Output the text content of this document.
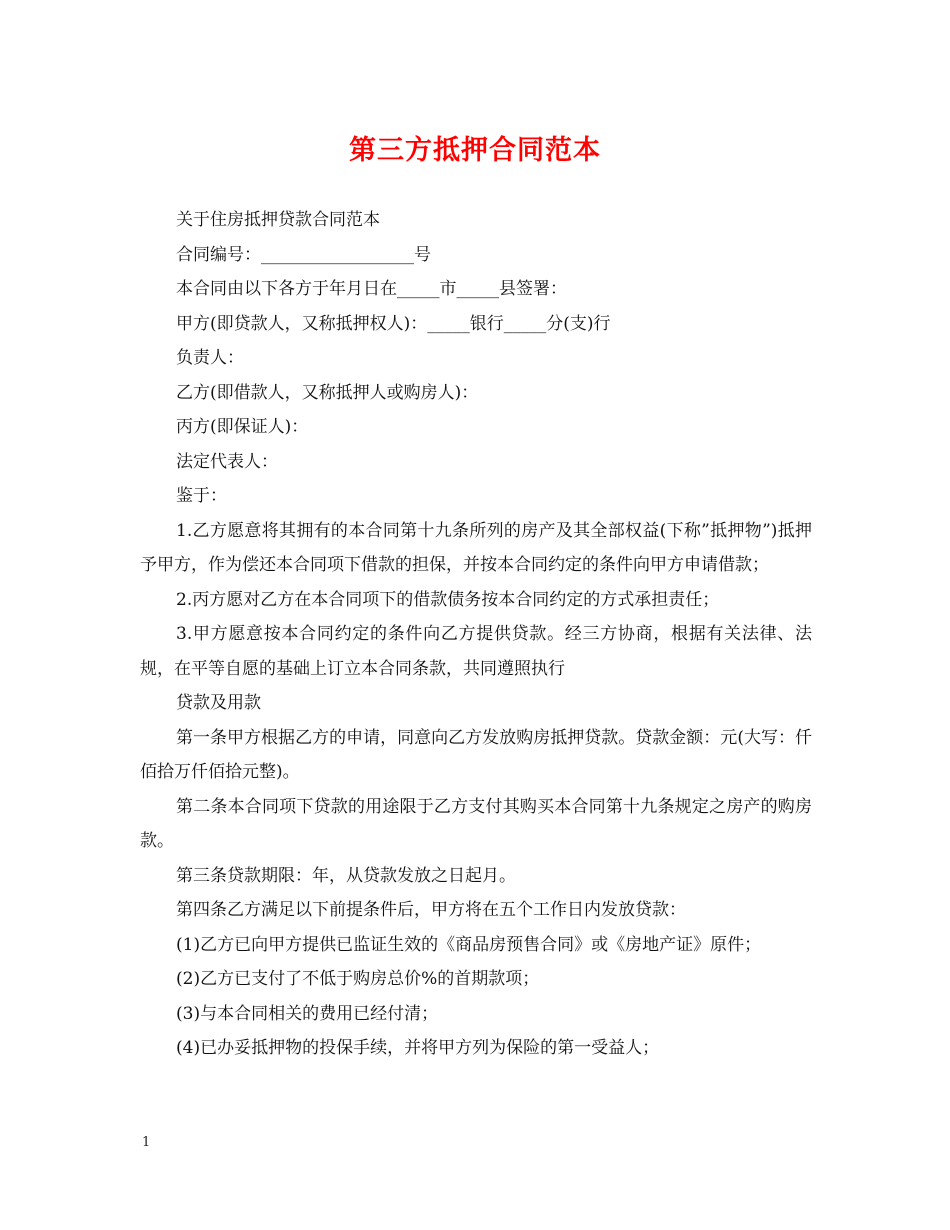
第三方抵押合同范本

关于住房抵押贷款合同范本

合同编号：__________________号

本合同由以下各方于年月日在_____市_____县签署：

甲方(即贷款人，又称抵押权人)：_____银行_____分(支)行

负责人：

乙方(即借款人，又称抵押人或购房人)：

丙方(即保证人)：

法定代表人：

鉴于：

1.乙方愿意将其拥有的本合同第十九条所列的房产及其全部权益(下称”抵押物”)抵押予甲方，作为偿还本合同项下借款的担保，并按本合同约定的条件向甲方申请借款；

2.丙方愿对乙方在本合同项下的借款债务按本合同约定的方式承担责任；

3.甲方愿意按本合同约定的条件向乙方提供贷款。经三方协商，根据有关法律、法规，在平等自愿的基础上订立本合同条款，共同遵照执行

贷款及用款

第一条甲方根据乙方的申请，同意向乙方发放购房抵押贷款。贷款金额：元(大写：仟佰拾万仟佰拾元整)。

第二条本合同项下贷款的用途限于乙方支付其购买本合同第十九条规定之房产的购房款。

第三条贷款期限：年，从贷款发放之日起月。

第四条乙方满足以下前提条件后，甲方将在五个工作日内发放贷款：

(1)乙方已向甲方提供已监证生效的《商品房预售合同》或《房地产证》原件；

(2)乙方已支付了不低于购房总价%的首期款项；

(3)与本合同相关的费用已经付清；

(4)已办妥抵押物的投保手续，并将甲方列为保险的第一受益人；

1
